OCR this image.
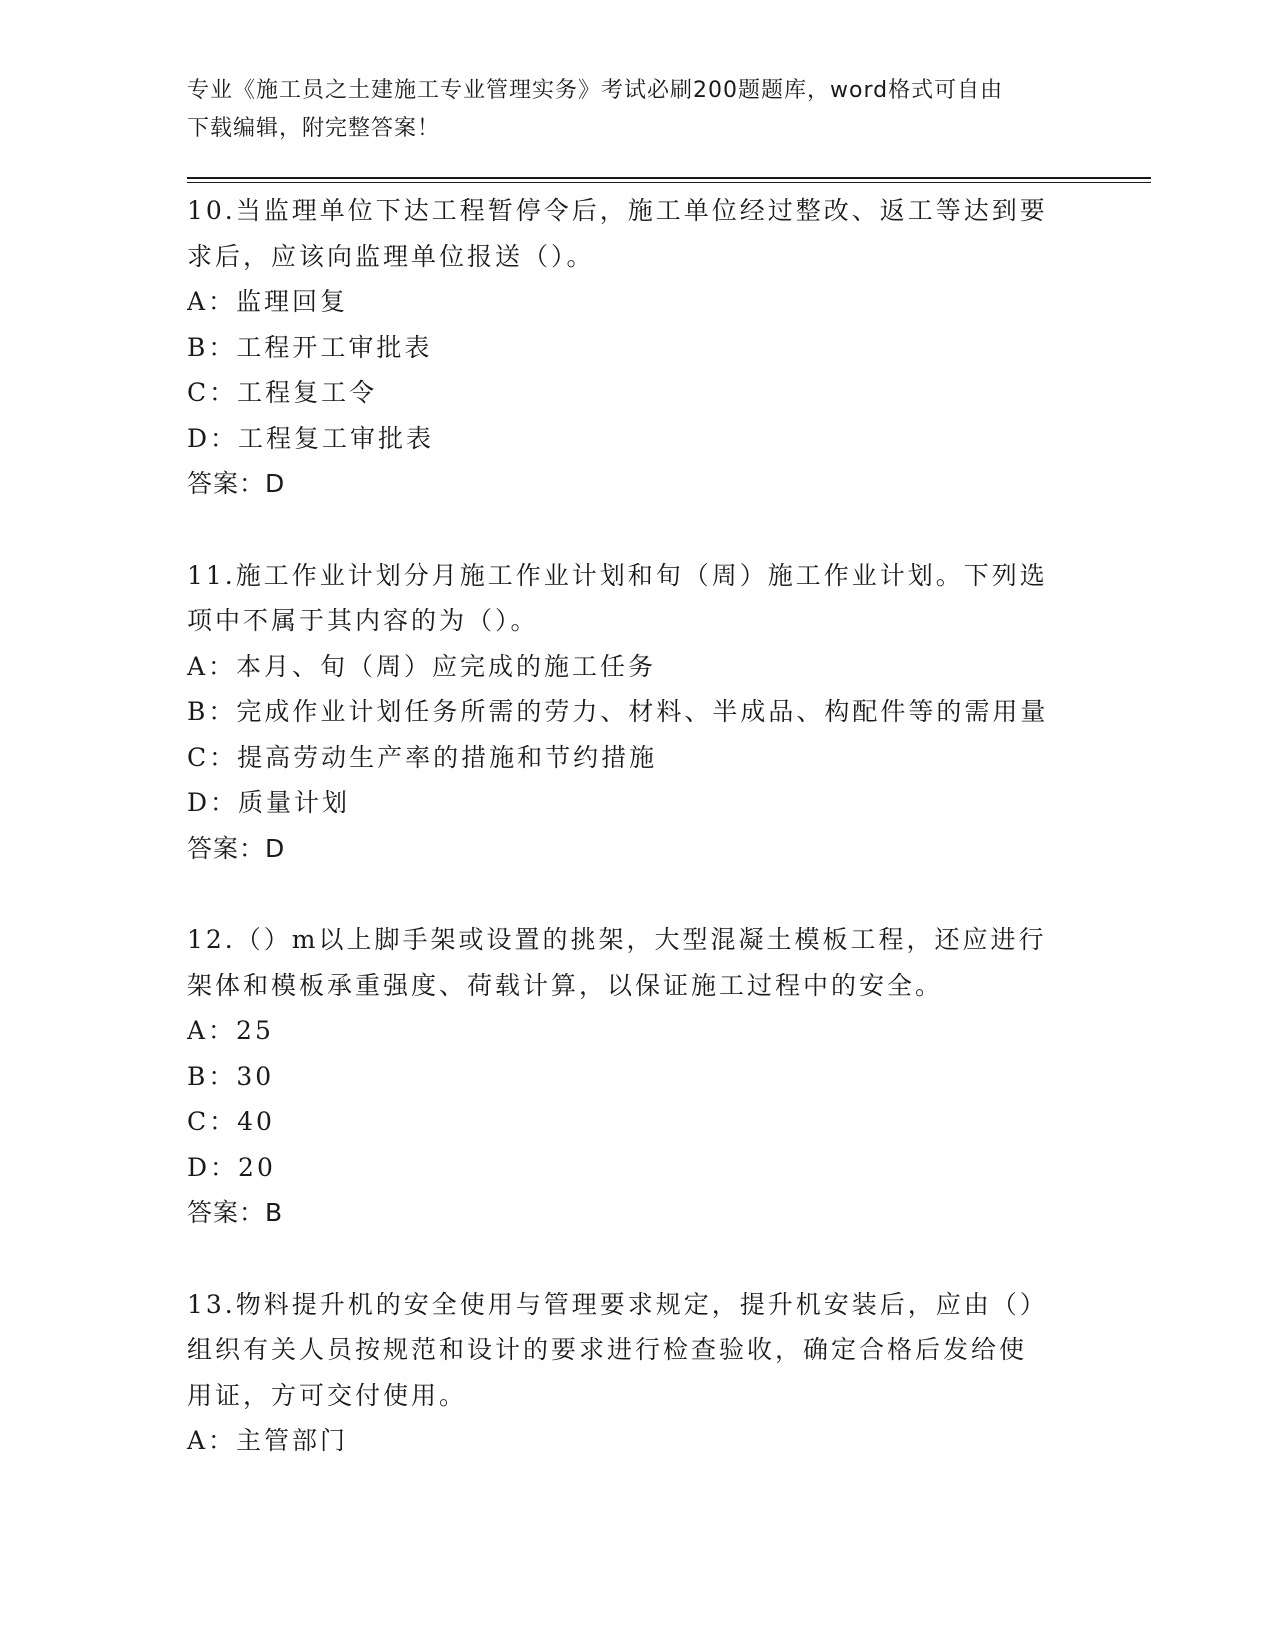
专业《施工员之土建施工专业管理实务》考试必刷200题题库，word格式可自由
下载编辑，附完整答案！

10.当监理单位下达工程暂停令后，施工单位经过整改、返工等达到要

求后，应该向监理单位报送（）。

A：监理回复

B：工程开工审批表

C：工程复工令

D：工程复工审批表

答案：D

11.施工作业计划分月施工作业计划和旬（周）施工作业计划。下列选

项中不属于其内容的为（）。

A：本月、旬（周）应完成的施工任务

B：完成作业计划任务所需的劳力、材料、半成品、构配件等的需用量

C：提高劳动生产率的措施和节约措施

D：质量计划

答案：D

12.（）m以上脚手架或设置的挑架，大型混凝土模板工程，还应进行

架体和模板承重强度、荷载计算，以保证施工过程中的安全。

A：25

B：30

C：40

D：20

答案：B

13.物料提升机的安全使用与管理要求规定，提升机安装后，应由（）

组织有关人员按规范和设计的要求进行检查验收，确定合格后发给使

用证，方可交付使用。

A：主管部门
